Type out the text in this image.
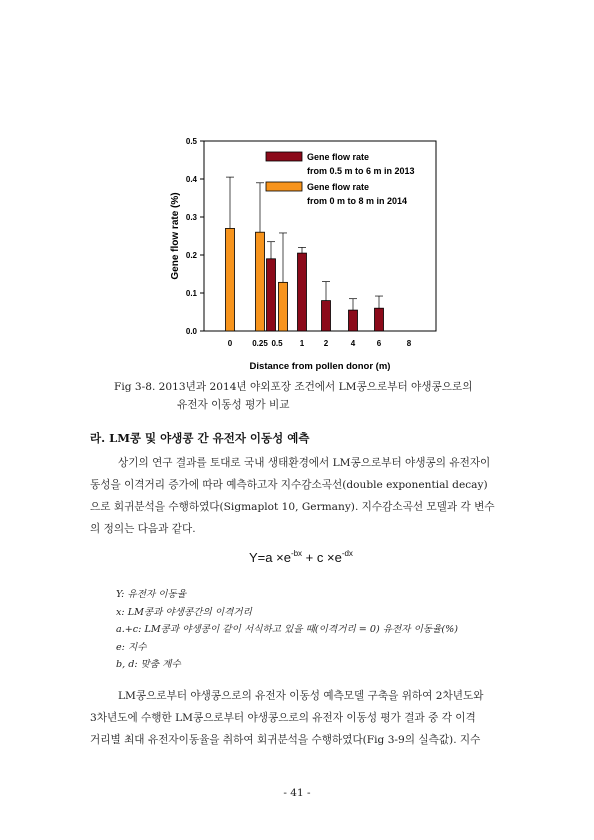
0.0
0.1
0.2
0.3
0.4
0.5
0 0.25 0.5 1 2	4	6	8
Gene flow rate
from 0.5 m to 6 m in 2013
Gene flow rate
from 0 m to 8 m in 2014
Distance from pollen donor (m)
Gene flow rate (%)
Fig 3-8. 2013년과 2014년 야외포장 조건에서 LM콩으로부터 야생콩으로의
유전자 이동성 평가 비교
라. LM콩 및 야생콩 간 유전자 이동성 예측
상기의 연구 결과를 토대로 국내 생태환경에서 LM콩으로부터 야생콩의 유전자이
동성을 이격거리 증가에 따라 예측하고자 지수감소곡선(double exponential decay)
으로 회귀분석을 수행하였다(Sigmaplot 10, Germany). 지수감소곡선 모델과 각 변수
의 정의는 다음과 같다.
$Y=a \times e^{-bx} + c \times e^{-dx}$
Y: 유전자 이동율
x: LM콩과 야생콩간의 이격거리
a.+c: LM콩과 야생콩이 같이 서식하고 있을 때(이격거리 = 0) 유전자 이동율(%)
e: 지수
b, d: 맞춤 계수
LM콩으로부터 야생콩으로의 유전자 이동성 예측모델 구축을 위하여 2차년도와
3차년도에 수행한 LM콩으로부터 야생콩으로의 유전자 이동성 평가 결과 중 각 이격
거리별 최대 유전자이동율을 취하여 회귀분석을 수행하였다(Fig 3-9의 실측값). 지수
- 41 -
